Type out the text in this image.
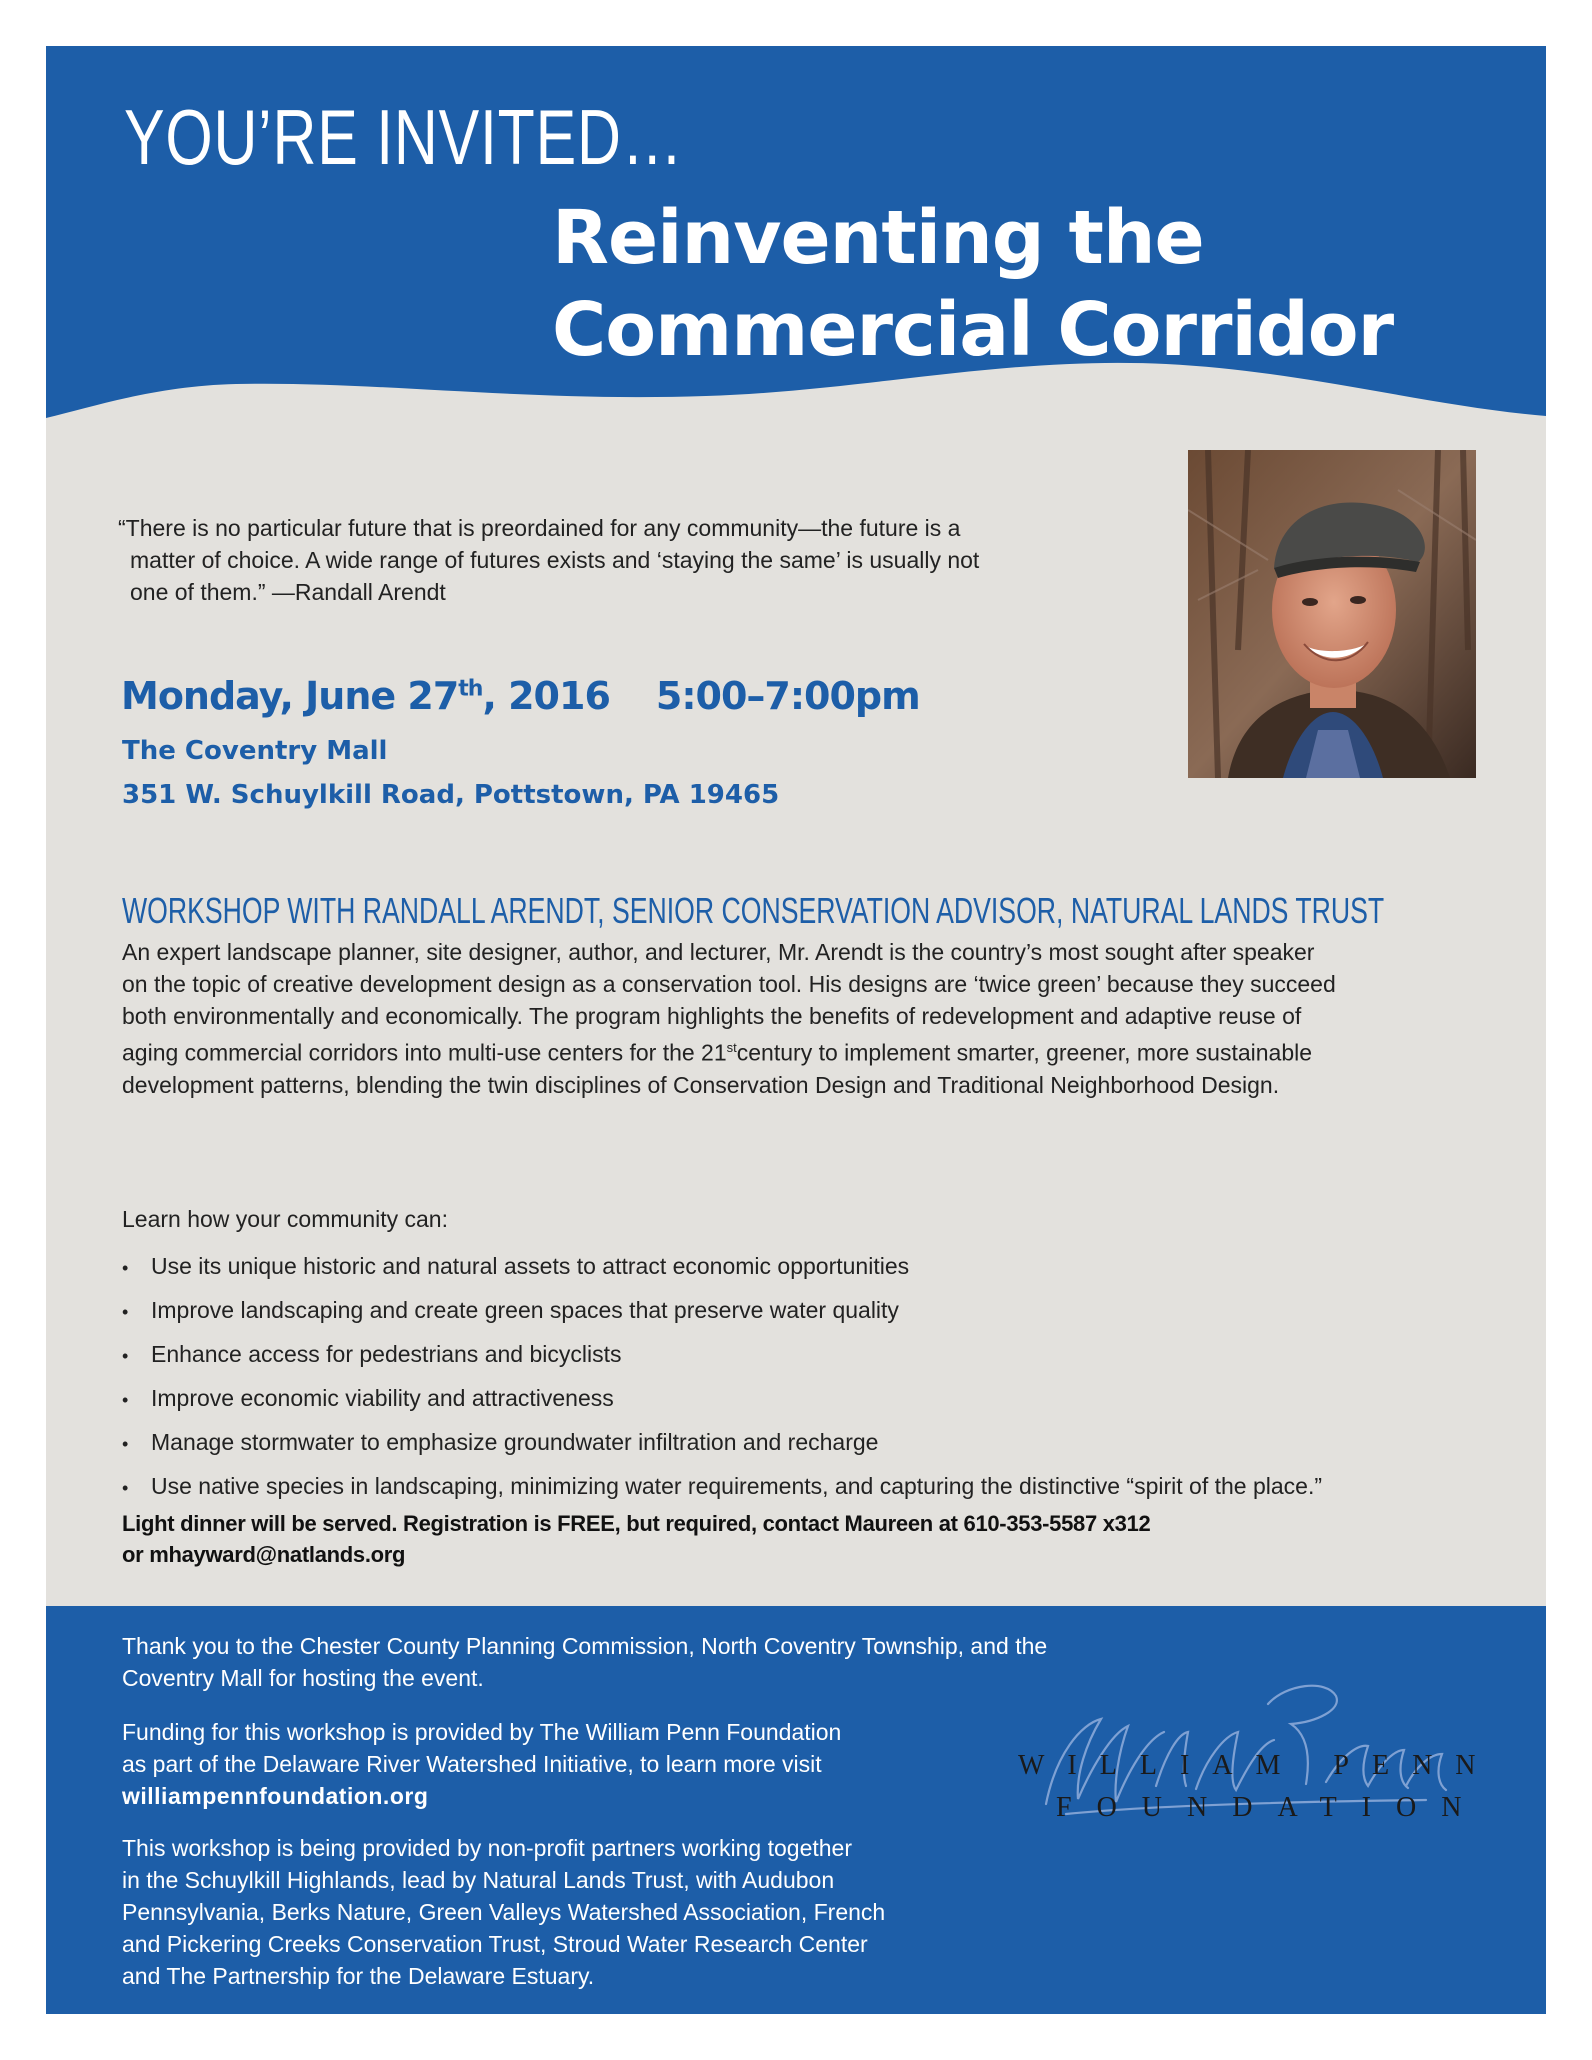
YOU’RE INVITED…
Reinventing the
Commercial Corridor
“There is no particular future that is preordained for any community—the future is a
matter of choice. A wide range of futures exists and ‘staying the same’ is usually not
one of them.” —Randall Arendt
Monday, June 27th, 2016 5:00–7:00pm
The Coventry Mall
351 W. Schuylkill Road, Pottstown, PA 19465
WORKSHOP WITH RANDALL ARENDT, SENIOR CONSERVATION ADVISOR, NATURAL LANDS TRUST
An expert landscape planner, site designer, author, and lecturer, Mr. Arendt is the country’s most sought after speaker
on the topic of creative development design as a conservation tool. His designs are ‘twice green’ because they succeed
both environmentally and economically. The program highlights the benefits of redevelopment and adaptive reuse of
aging commercial corridors into multi-use centers for the 21stcentury to implement smarter, greener, more sustainable
development patterns, blending the twin disciplines of Conservation Design and Traditional Neighborhood Design.
Learn how your community can:
• Use its unique historic and natural assets to attract economic opportunities
• Improve landscaping and create green spaces that preserve water quality
• Enhance access for pedestrians and bicyclists
• Improve economic viability and attractiveness
• Manage stormwater to emphasize groundwater infiltration and recharge
• Use native species in landscaping, minimizing water requirements, and capturing the distinctive “spirit of the place.”
Light dinner will be served. Registration is FREE, but required, contact Maureen at 610-353-5587 x312
or mhayward@natlands.org
Thank you to the Chester County Planning Commission, North Coventry Township, and the
Coventry Mall for hosting the event.
Funding for this workshop is provided by The William Penn Foundation
as part of the Delaware River Watershed Initiative, to learn more visit
williampennfoundation.org
This workshop is being provided by non-profit partners working together
in the Schuylkill Highlands, lead by Natural Lands Trust, with Audubon
Pennsylvania, Berks Nature, Green Valleys Watershed Association, French
and Pickering Creeks Conservation Trust, Stroud Water Research Center
and The Partnership for the Delaware Estuary.
WILLIAM PENN
FOUNDATION
